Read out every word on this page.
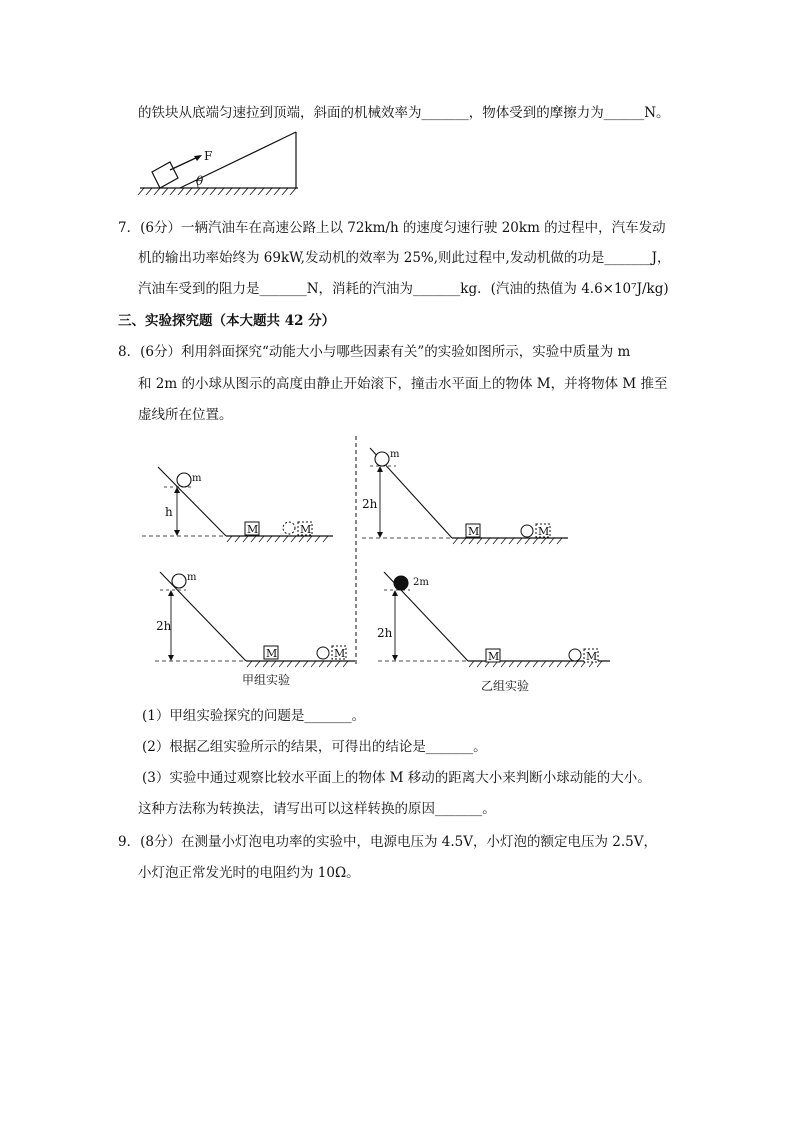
的铁块从底端匀速拉到顶端，斜面的机械效率为_______，物体受到的摩擦力为______N。
F
θ
7．(6分）一辆汽油车在高速公路上以 72km/h 的速度匀速行驶 20km 的过程中，汽车发动
机的输出功率始终为 69kW,发动机的效率为 25%,则此过程中,发动机做的功是_______J，
汽油车受到的阻力是_______N，消耗的汽油为_______kg．(汽油的热值为 4.6×10⁷J/kg)
三、实验探究题（本大题共 42 分）
8．(6分）利用斜面探究“动能大小与哪些因素有关”的实验如图所示，实验中质量为 m
和 2m 的小球从图示的高度由静止开始滚下，撞击水平面上的物体 M，并将物体 M 推至
虚线所在位置。
h
m
M	M
2h
m
M	M
2h
m
M	M
2h
2m
M	M
甲组实验	乙组实验
(1）甲组实验探究的问题是_______。
(2）根据乙组实验所示的结果，可得出的结论是_______。
(3）实验中通过观察比较水平面上的物体 M 移动的距离大小来判断小球动能的大小。
这种方法称为转换法，请写出可以这样转换的原因_______。
9．(8分）在测量小灯泡电功率的实验中，电源电压为 4.5V，小灯泡的额定电压为 2.5V，
小灯泡正常发光时的电阻约为 10Ω。
